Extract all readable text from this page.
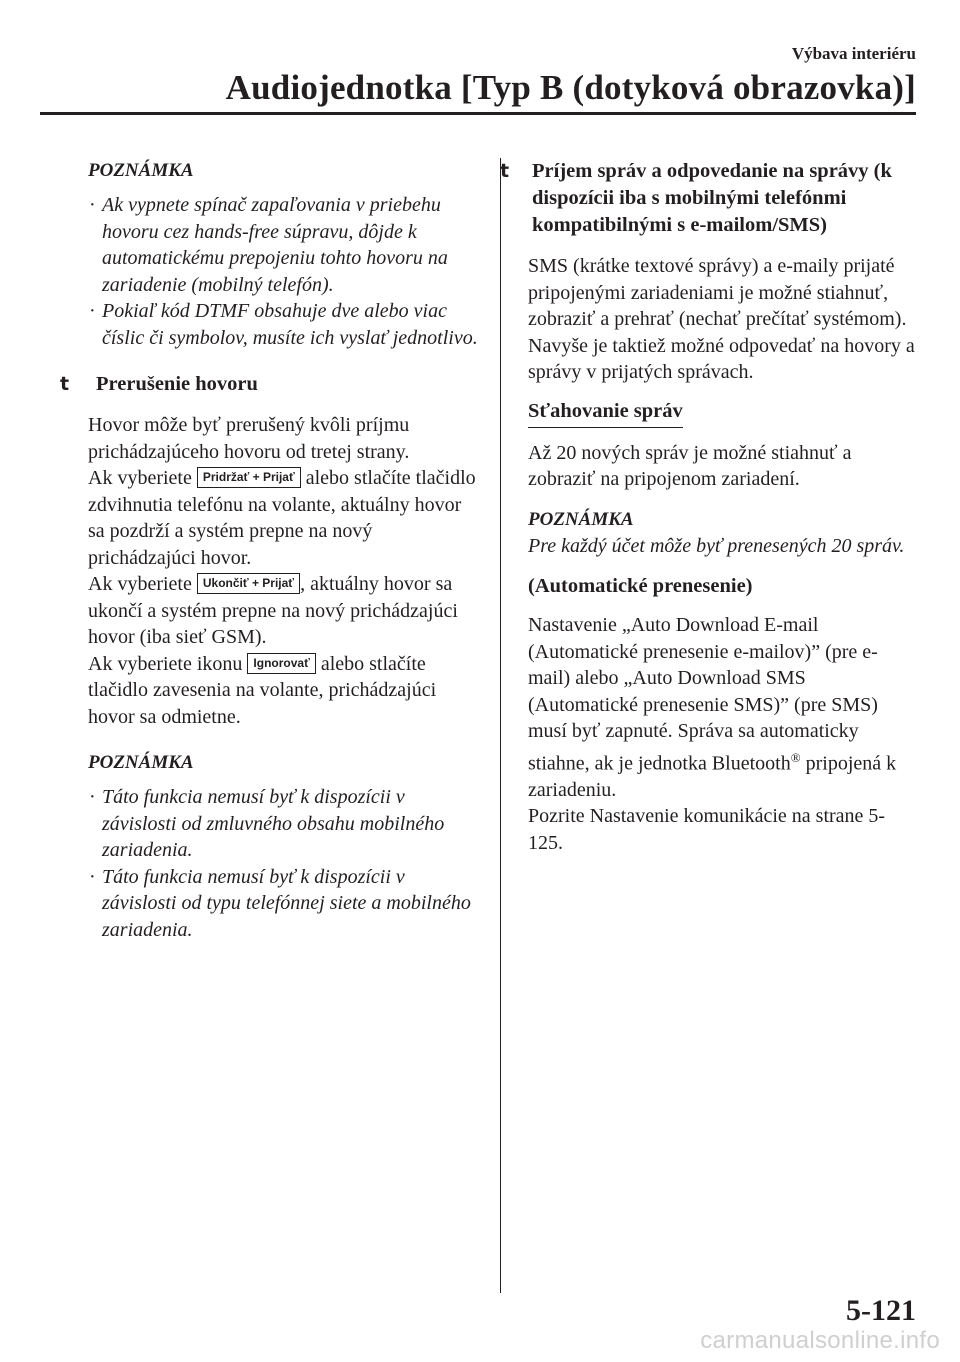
Výbava interiéru
Audiojednotka [Typ B (dotyková obrazovka)]

POZNÁMKA

· Ak vypnete spínač zapaľovania v priebehu hovoru cez hands-free súpravu, dôjde k automatickému prepojeniu tohto hovoru na zariadenie (mobilný telefón).
· Pokiaľ kód DTMF obsahuje dve alebo viac číslic či symbolov, musíte ich vyslať jednotlivo.
t	Prerušenie hovoru

Hovor môže byť prerušený kvôli príjmu prichádzajúceho hovoru od tretej strany.

Ak vyberiete Pridržať + Prijať alebo stlačíte tlačidlo zdvihnutia telefónu na volante, aktuálny hovor sa pozdrží a systém prepne na nový prichádzajúci hovor.

Ak vyberiete Ukončiť + Prijať , aktuálny hovor sa ukončí a systém prepne na nový prichádzajúci hovor (iba sieť GSM).

Ak vyberiete ikonu Ignorovať alebo stlačíte tlačidlo zavesenia na volante, prichádzajúci hovor sa odmietne.

POZNÁMKA

· Táto funkcia nemusí byť k dispozícii v závislosti od zmluvného obsahu mobilného zariadenia.
· Táto funkcia nemusí byť k dispozícii v závislosti od typu telefónnej siete a mobilného zariadenia.
t	Príjem správ a odpovedanie na správy (k dispozícii iba s mobilnými telefónmi kompatibilnými s e-mailom/SMS)

SMS (krátke textové správy) a e-maily prijaté pripojenými zariadeniami je možné stiahnuť, zobraziť a prehrať (nechať prečítať systémom).

Navyše je taktiež možné odpovedať na hovory a správy v prijatých správach.

Sťahovanie správ

Až 20 nových správ je možné stiahnuť a zobraziť na pripojenom zariadení.

POZNÁMKA

Pre každý účet môže byť prenesených 20 správ.

(Automatické prenesenie)

Nastavenie „Auto Download E-mail (Automatické prenesenie e-mailov)” (pre e-mail) alebo „Auto Download SMS (Automatické prenesenie SMS)” (pre SMS) musí byť zapnuté. Správa sa automaticky stiahne, ak je jednotka Bluetooth® pripojená k zariadeniu.

Pozrite Nastavenie komunikácie na strane 5-125.

5-121
carmanualsonline.info
